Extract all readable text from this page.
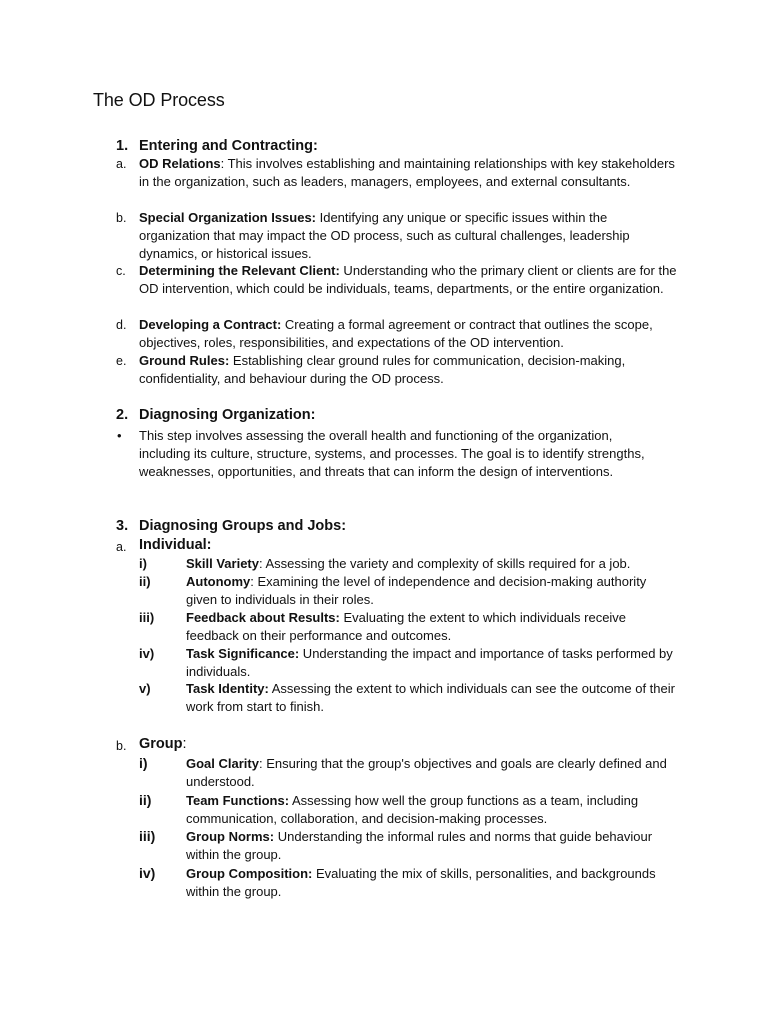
The OD Process
1. Entering and Contracting:
a. OD Relations: This involves establishing and maintaining relationships with key stakeholders in the organization, such as leaders, managers, employees, and external consultants.
b. Special Organization Issues: Identifying any unique or specific issues within the organization that may impact the OD process, such as cultural challenges, leadership dynamics, or historical issues.
c. Determining the Relevant Client: Understanding who the primary client or clients are for the OD intervention, which could be individuals, teams, departments, or the entire organization.
d. Developing a Contract: Creating a formal agreement or contract that outlines the scope, objectives, roles, responsibilities, and expectations of the OD intervention.
e. Ground Rules: Establishing clear ground rules for communication, decision-making, confidentiality, and behaviour during the OD process.
2. Diagnosing Organization:
• This step involves assessing the overall health and functioning of the organization, including its culture, structure, systems, and processes. The goal is to identify strengths, weaknesses, opportunities, and threats that can inform the design of interventions.
3. Diagnosing Groups and Jobs:
a. Individual:
i)	Skill Variety: Assessing the variety and complexity of skills required for a job.
ii)	Autonomy: Examining the level of independence and decision-making authority given to individuals in their roles.
iii) Feedback about Results: Evaluating the extent to which individuals receive feedback on their performance and outcomes.
iv) Task Significance: Understanding the impact and importance of tasks performed by individuals.
v)	Task Identity: Assessing the extent to which individuals can see the outcome of their work from start to finish.
b. Group:
i)	Goal Clarity: Ensuring that the group's objectives and goals are clearly defined and understood.
ii)	Team Functions: Assessing how well the group functions as a team, including communication, collaboration, and decision-making processes.
iii) Group Norms: Understanding the informal rules and norms that guide behaviour within the group.
iv) Group Composition: Evaluating the mix of skills, personalities, and backgrounds within the group.
